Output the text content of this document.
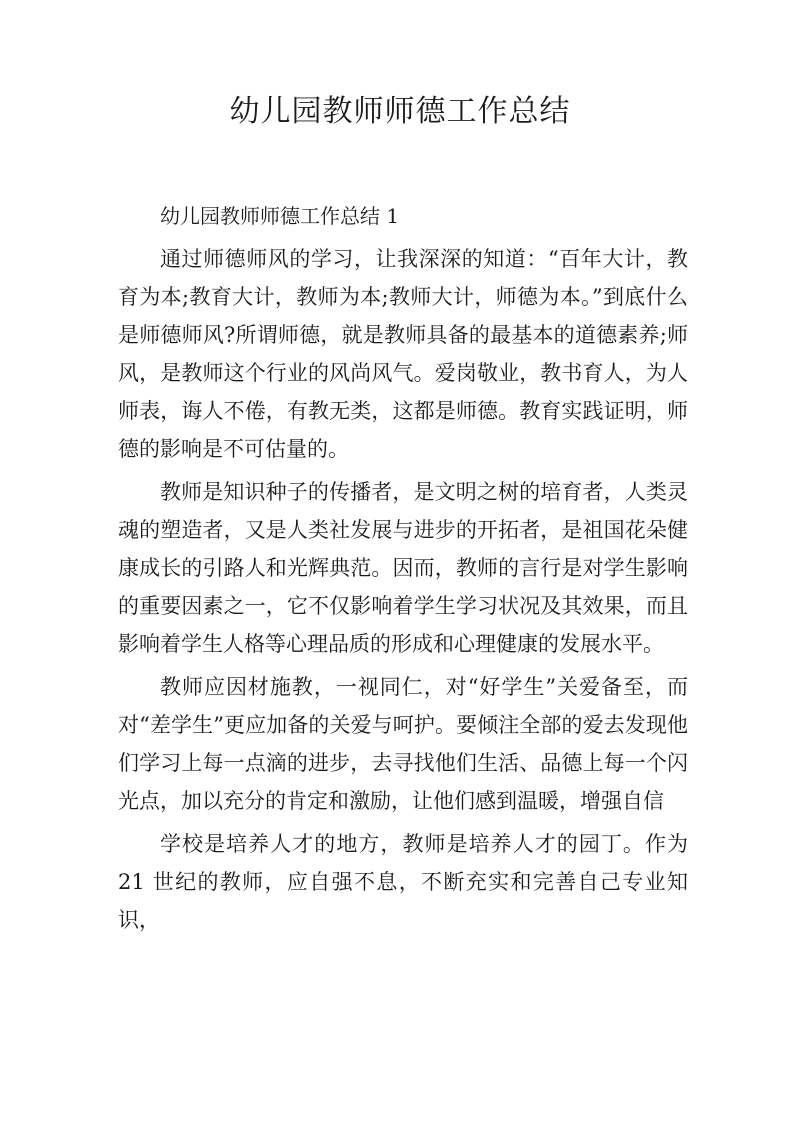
幼儿园教师师德工作总结

幼儿园教师师德工作总结 1

通过师德师风的学习，让我深深的知道：“百年大计，教育为本;教育大计，教师为本;教师大计，师德为本。”到底什么是师德师风?所谓师德，就是教师具备的最基本的道德素养;师风，是教师这个行业的风尚风气。爱岗敬业，教书育人，为人师表，诲人不倦，有教无类，这都是师德。教育实践证明，师德的影响是不可估量的。

教师是知识种子的传播者，是文明之树的培育者，人类灵魂的塑造者，又是人类社发展与进步的开拓者，是祖国花朵健康成长的引路人和光辉典范。因而，教师的言行是对学生影响的重要因素之一，它不仅影响着学生学习状况及其效果，而且影响着学生人格等心理品质的形成和心理健康的发展水平。

教师应因材施教，一视同仁，对“好学生”关爱备至，而对“差学生”更应加备的关爱与呵护。要倾注全部的爱去发现他们学习上每一点滴的进步，去寻找他们生活、品德上每一个闪光点，加以充分的肯定和激励，让他们感到温暖，增强自信

学校是培养人才的地方，教师是培养人才的园丁。作为 21 世纪的教师，应自强不息，不断充实和完善自己专业知识，
